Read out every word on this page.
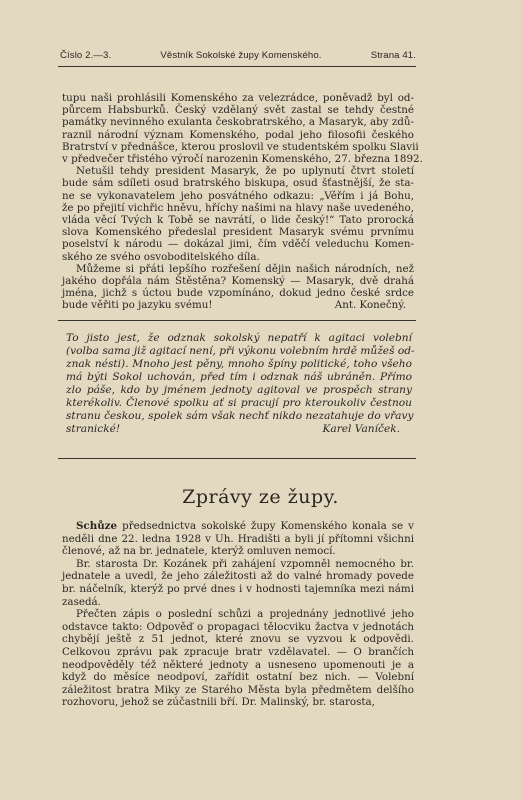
Číslo 2.—3.	Věstník Sokolské župy Komenského.	Strana 41.

tupu naši prohlásili Komenského za velezrádce, poněvadž byl od-
půrcem Habsburků. Český vzdělaný svět zastal se tehdy čestné
památky nevinného exulanta českobratrského, a Masaryk, aby zdů-
raznil národní význam Komenského, podal jeho filosofii českého
Bratrství v přednášce, kterou proslovil ve studentském spolku Slavii
v předvečer třistého výročí narozenin Komenského, 27. března 1892.

Netušil tehdy president Masaryk, že po uplynutí čtvrt století
bude sám sdíleti osud bratrského biskupa, osud šťastnější, že sta-
ne se vykonavatelem jeho posvátného odkazu: „Věřím i já Bohu,
že po přejití vichřic hněvu, hříchy našimi na hlavy naše uvedeného,
vláda věcí Tvých k Tobě se navrátí, o lide český!“ Tato prorocká
slova Komenského předeslal president Masaryk svému prvnímu
poselství k národu — dokázal jimi, čím vděčí veleduchu Komen-
ského ze svého osvoboditelského díla.

Můžeme si přáti lepšího rozřešení dějin našich národních, než
jakého dopřála nám Štěstěna? Komenský — Masaryk, dvě drahá
jména, jichž s úctou bude vzpomínáno, dokud jedno české srdce
bude věřiti po jazyku svému!	Ant. Konečný.

To jisto jest, že odznak sokolský nepatří k agitaci volební
(volba sama již agitací není, při výkonu volebním hrdě můžeš od-
znak nésti). Mnoho jest pěny, mnoho špíny politické, toho všeho
má býti Sokol uchován, před tím i odznak náš ubráněn. Přímo
zlo páše, kdo by jménem jednoty agitoval ve prospěch strany
kterékoliv. Členové spolku ať si pracují pro kteroukoliv čestnou
stranu českou, spolek sám však nechť nikdo nezatahuje do vřavy
stranické!	Karel Vaníček.
Zprávy ze župy.

Schůze předsednictva sokolské župy Komenského konala se v neděli dne 22. ledna 1928 v Uh. Hradišti a byli jí přítomni všichni členové, až na br. jednatele, kterýž omluven nemocí.

Br. starosta Dr. Kozánek při zahájení vzpomněl nemocného br. jednatele a uvedl, že jeho záležitosti až do valné hromady povede br. náčelník, kterýž po prvé dnes i v hodnosti tajemníka mezi námi zasedá.

Přečten zápis o poslední schůzi a projednány jednotlivé jeho odstavce takto: Odpověď o propagaci tělocviku žactva v jednotách chybějí ještě z 51 jednot, které znovu se vyzvou k odpovědi. Celkovou zprávu pak zpracuje bratr vzdělavatel. — O brančích neodpověděly též některé jednoty a usneseno upomenouti je a když do měsíce neodpoví, zařídit ostatní bez nich. — Volební záležitost bratra Miky ze Starého Města byla předmětem delšího rozhovoru, jehož se zúčastnili bří. Dr. Malinský, br. starosta,
